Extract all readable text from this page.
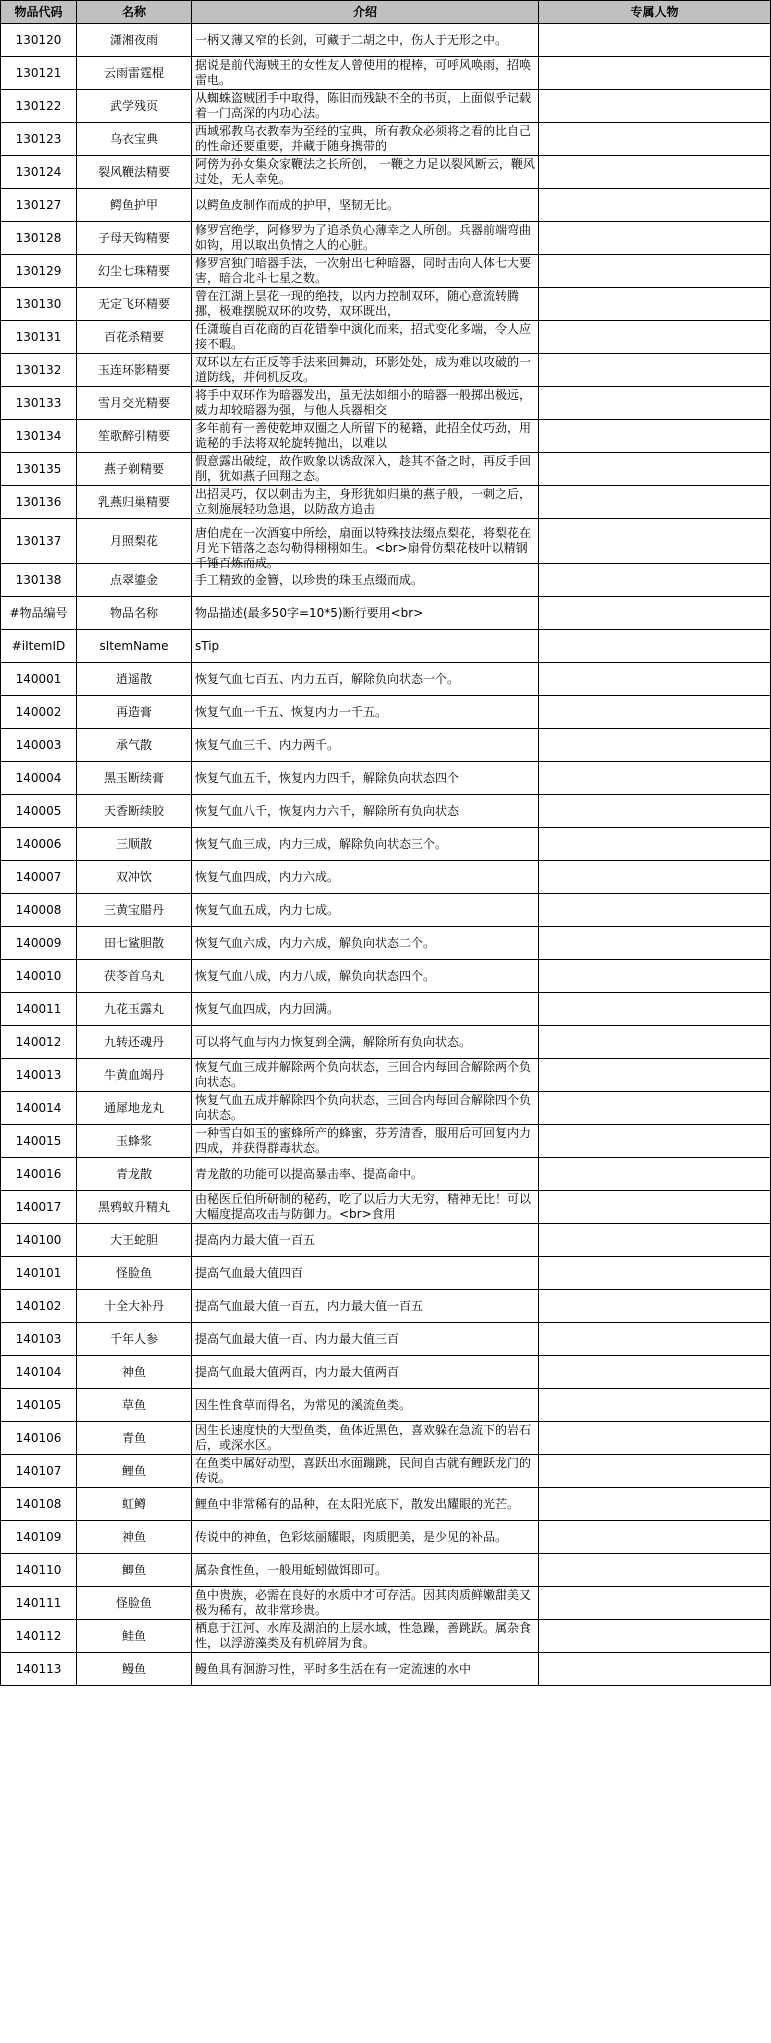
物品代码	名称	介绍	专属人物
130120	潇湘夜雨	一柄又薄又窄的长剑，可藏于二胡之中，伤人于无形之中。	

130121	云雨雷霆棍	据说是前代海贼王的女性友人曾使用的棍棒，可呼风唤雨，招唤雷电。	

130122	武学残页	从蜘蛛盗贼团手中取得，陈旧而残缺不全的书页，上面似乎记载着一门高深的内功心法。	

130123	乌衣宝典	西域邪教乌衣教奉为至经的宝典，所有教众必须将之看的比自己的性命还要重要，并藏于随身携带的	

130124	裂风鞭法精要	阿傍为孙女集众家鞭法之长所创， 一鞭之力足以裂风断云，鞭风过处，无人幸免。	

130127	鳄鱼护甲	以鳄鱼皮制作而成的护甲，坚韧无比。	

130128	子母天钩精要	修罗宫绝学，阿修罗为了追杀负心薄幸之人所创。兵器前端弯曲如钩，用以取出负情之人的心脏。	

130129	幻尘七珠精要	修罗宫独门暗器手法，一次射出七种暗器，同时击向人体七大要害，暗合北斗七星之数。	

130130	无定飞环精要	曾在江湖上昙花一现的绝技，以内力控制双环，随心意流转腾挪，极难摆脱双环的攻势，双环既出，	

130131	百花杀精要	任潇璇自百花商的百花错拳中演化而来，招式变化多端，令人应接不暇。	

130132	玉连环影精要	双环以左右正反等手法来回舞动，环影处处，成为难以攻破的一道防线，并伺机反攻。	

130133	雪月交光精要	将手中双环作为暗器发出，虽无法如细小的暗器一般掷出极远，威力却较暗器为强，与他人兵器相交	

130134	笙歌醉引精要	多年前有一善使乾坤双圈之人所留下的秘籍，此招全仗巧劲，用诡秘的手法将双轮旋转抛出，以难以	

130135	燕子剃精要	假意露出破绽，故作败象以诱敌深入，趁其不备之时，再反手回削，犹如燕子回翔之态。	

130136	乳燕归巢精要	出招灵巧，仅以刺击为主，身形犹如归巢的燕子般，一刺之后，立刻施展轻功急退，以防敌方追击	

130137	月照梨花	唐伯虎在一次酒宴中所绘，扇面以特殊技法缀点梨花，将梨花在月光下错落之态勾勒得栩栩如生。<br>扇骨仿梨花枝叶以精钢千锤百炼而成。	

130138	点翠鎏金	手工精致的金簪，以珍贵的珠玉点缀而成。	

#物品编号	物品名称	物品描述(最多50字=10*5)断行要用<br>	

#iItemID	sItemName	sTip	

140001	逍遥散	恢复气血七百五、内力五百，解除负向状态一个。	

140002	再造膏	恢复气血一千五、恢复内力一千五。	

140003	承气散	恢复气血三千、内力两千。	

140004	黑玉断续膏	恢复气血五千，恢复内力四千，解除负向状态四个	

140005	天香断续胶	恢复气血八千，恢复内力六千，解除所有负向状态	

140006	三顺散	恢复气血三成，内力三成，解除负向状态三个。	

140007	双冲饮	恢复气血四成，内力六成。	

140008	三黄宝腊丹	恢复气血五成，内力七成。	

140009	田七鲨胆散	恢复气血六成，内力六成，解负向状态二个。	

140010	茯苓首乌丸	恢复气血八成，内力八成，解负向状态四个。	

140011	九花玉露丸	恢复气血四成，内力回满。	

140012	九转还魂丹	可以将气血与内力恢复到全满，解除所有负向状态。	

140013	牛黄血竭丹	恢复气血三成并解除两个负向状态，三回合内每回合解除两个负向状态。	

140014	通犀地龙丸	恢复气血五成并解除四个负向状态，三回合内每回合解除四个负向状态。	

140015	玉蜂浆	一种雪白如玉的蜜蜂所产的蜂蜜，芬芳清香，服用后可回复内力四成，并获得群毒状态。	

140016	青龙散	青龙散的功能可以提高暴击率、提高命中。	

140017	黑鸦蚁升精丸	由秘医丘伯所研制的秘药，吃了以后力大无穷，精神无比！可以大幅度提高攻击与防御力。<br>食用	

140100	大王蛇胆	提高内力最大值一百五	

140101	怪脸鱼	提高气血最大值四百	

140102	十全大补丹	提高气血最大值一百五，内力最大值一百五	

140103	千年人参	提高气血最大值一百、内力最大值三百	

140104	神鱼	提高气血最大值两百，内力最大值两百	

140105	草鱼	因生性食草而得名，为常见的溪流鱼类。	

140106	青鱼	因生长速度快的大型鱼类，鱼体近黑色，喜欢躲在急流下的岩石后，或深水区。	

140107	鲤鱼	在鱼类中属好动型，喜跃出水面蹦跳，民间自古就有鲤跃龙门的传说。	

140108	虹鳟	鲤鱼中非常稀有的品种，在太阳光底下，散发出耀眼的光芒。	

140109	神鱼	传说中的神鱼，色彩炫丽耀眼，肉质肥美，是少见的补品。	

140110	鲫鱼	属杂食性鱼，一般用蚯蚓做饵即可。	

140111	怪脸鱼	鱼中贵族，必需在良好的水质中才可存活。因其肉质鲜嫩甜美又极为稀有，故非常珍贵。	

140112	鲑鱼	栖息于江河、水库及湖泊的上层水域，性急躁，善跳跃。属杂食性，以浮游藻类及有机碎屑为食。	

140113	鳗鱼	鳗鱼具有洄游习性，平时多生活在有一定流速的水中	
